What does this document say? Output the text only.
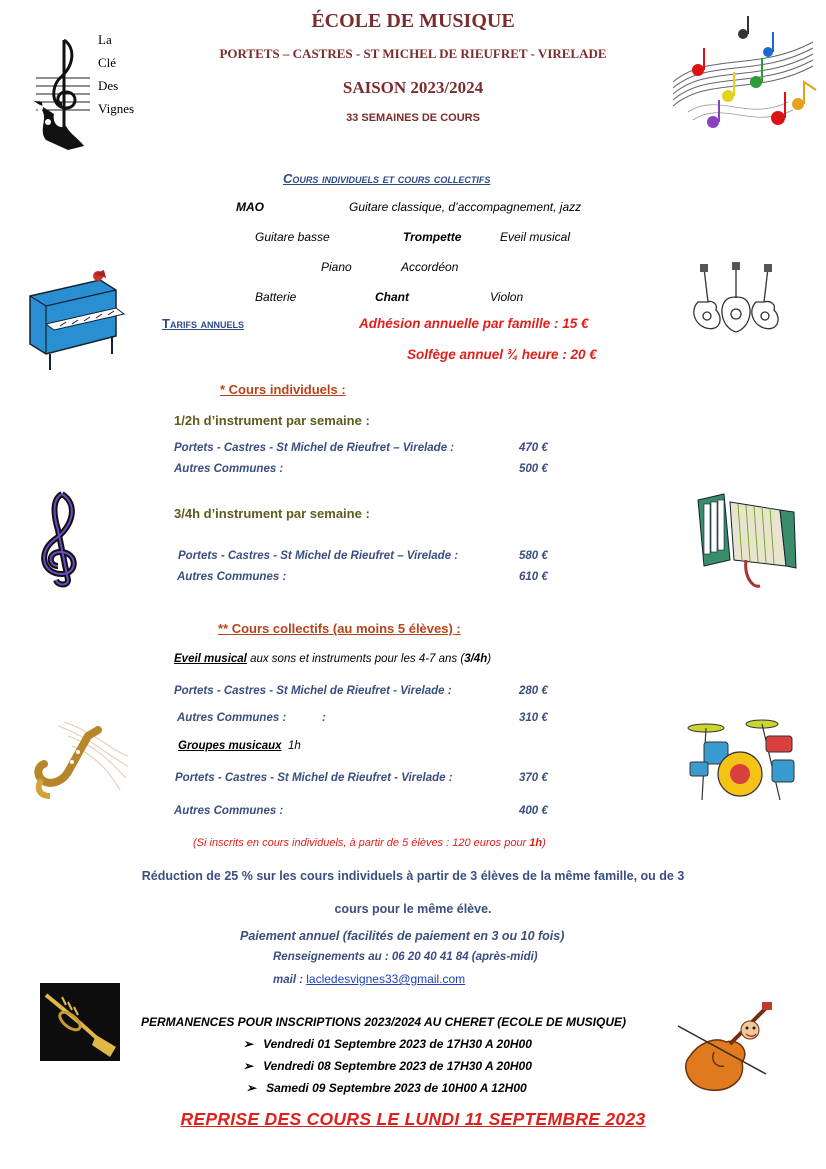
La
Clé
Des
Vignes
ÉCOLE DE MUSIQUE
PORTETS – CASTRES - ST MICHEL DE RIEUFRET - VIRELADE
SAISON 2023/2024
33 SEMAINES DE COURS
Cours individuels et cours collectifs
MAO	Guitare classique, d’accompagnement, jazz
Guitare basse	Trompette	Eveil musical
Piano	Accordéon
Batterie	Chant	Violon
Tarifs annuels	Adhésion annuelle par famille : 15 €
Solfège annuel ¾ heure : 20 €
* Cours individuels :
1/2h d’instrument par semaine :
Portets - Castres - St Michel de Rieufret – Virelade :	470 €
Autres Communes :	500 €
3/4h d’instrument par semaine :
Portets - Castres - St Michel de Rieufret – Virelade :	580 €
Autres Communes :	610 €
** Cours collectifs (au moins 5 élèves) :
Eveil musical aux sons et instruments pour les 4-7 ans (3/4h)
Portets - Castres - St Michel de Rieufret - Virelade :	280 €
Autres Communes :	:	310 €
Groupes musicaux 1h
Portets - Castres - St Michel de Rieufret - Virelade :	370 €
Autres Communes :	400 €
(Si inscrits en cours individuels, à partir de 5 élèves : 120 euros pour 1h)
Réduction de 25 % sur les cours individuels à partir de 3 élèves de la même famille, ou de 3
cours pour le même élève.
Paiement annuel (facilités de paiement en 3 ou 10 fois)
Renseignements au : 06 20 40 41 84 (après-midi)
mail : lacledesvignes33@gmail.com
PERMANENCES POUR INSCRIPTIONS 2023/2024 AU CHERET (ECOLE DE MUSIQUE)
➢ Vendredi 01 Septembre 2023 de 17H30 A 20H00
➢ Vendredi 08 Septembre 2023 de 17H30 A 20H00
➢ Samedi 09 Septembre 2023 de 10H00 A 12H00
REPRISE DES COURS LE LUNDI 11 SEPTEMBRE 2023
